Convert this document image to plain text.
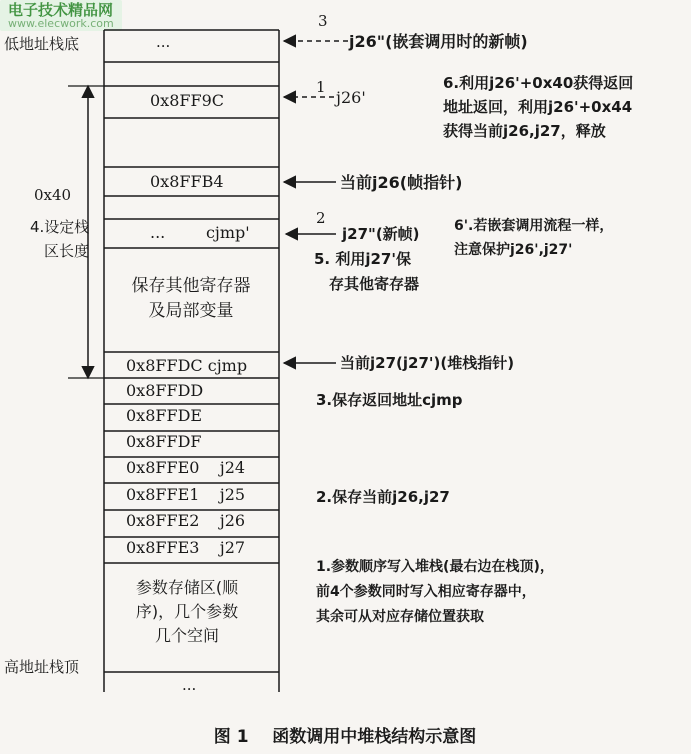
电子技术精品网
www.elecwork.com
...
0x8FF9C
0x8FFB4
...        cjmp'
保存其他寄存器
及局部变量
0x8FFDC cjmp
0x8FFDD
0x8FFDE
0x8FFDF
0x8FFE0    j24
0x8FFE1    j25
0x8FFE2    j26
0x8FFE3    j27
参数存储区(顺
序)，几个参数
几个空间
...
低地址栈底
高地址栈顶
0x40
4.设定栈
区长度
3
j26"(嵌套调用时的新帧)
1
j26'
当前j26(帧指针)
2
j27"(新帧)
当前j27(j27')(堆栈指针)
6.利用j26'+0x40获得返回
地址返回，利用j26'+0x44
获得当前j26,j27，释放
6'.若嵌套调用流程一样，
注意保护j26',j27'
5. 利用j27'保
存其他寄存器
3.保存返回地址cjmp
2.保存当前j26,j27
1.参数顺序写入堆栈(最右边在栈顶)，
前4个参数同时写入相应寄存器中，
其余可从对应存储位置获取
图 1    函数调用中堆栈结构示意图
